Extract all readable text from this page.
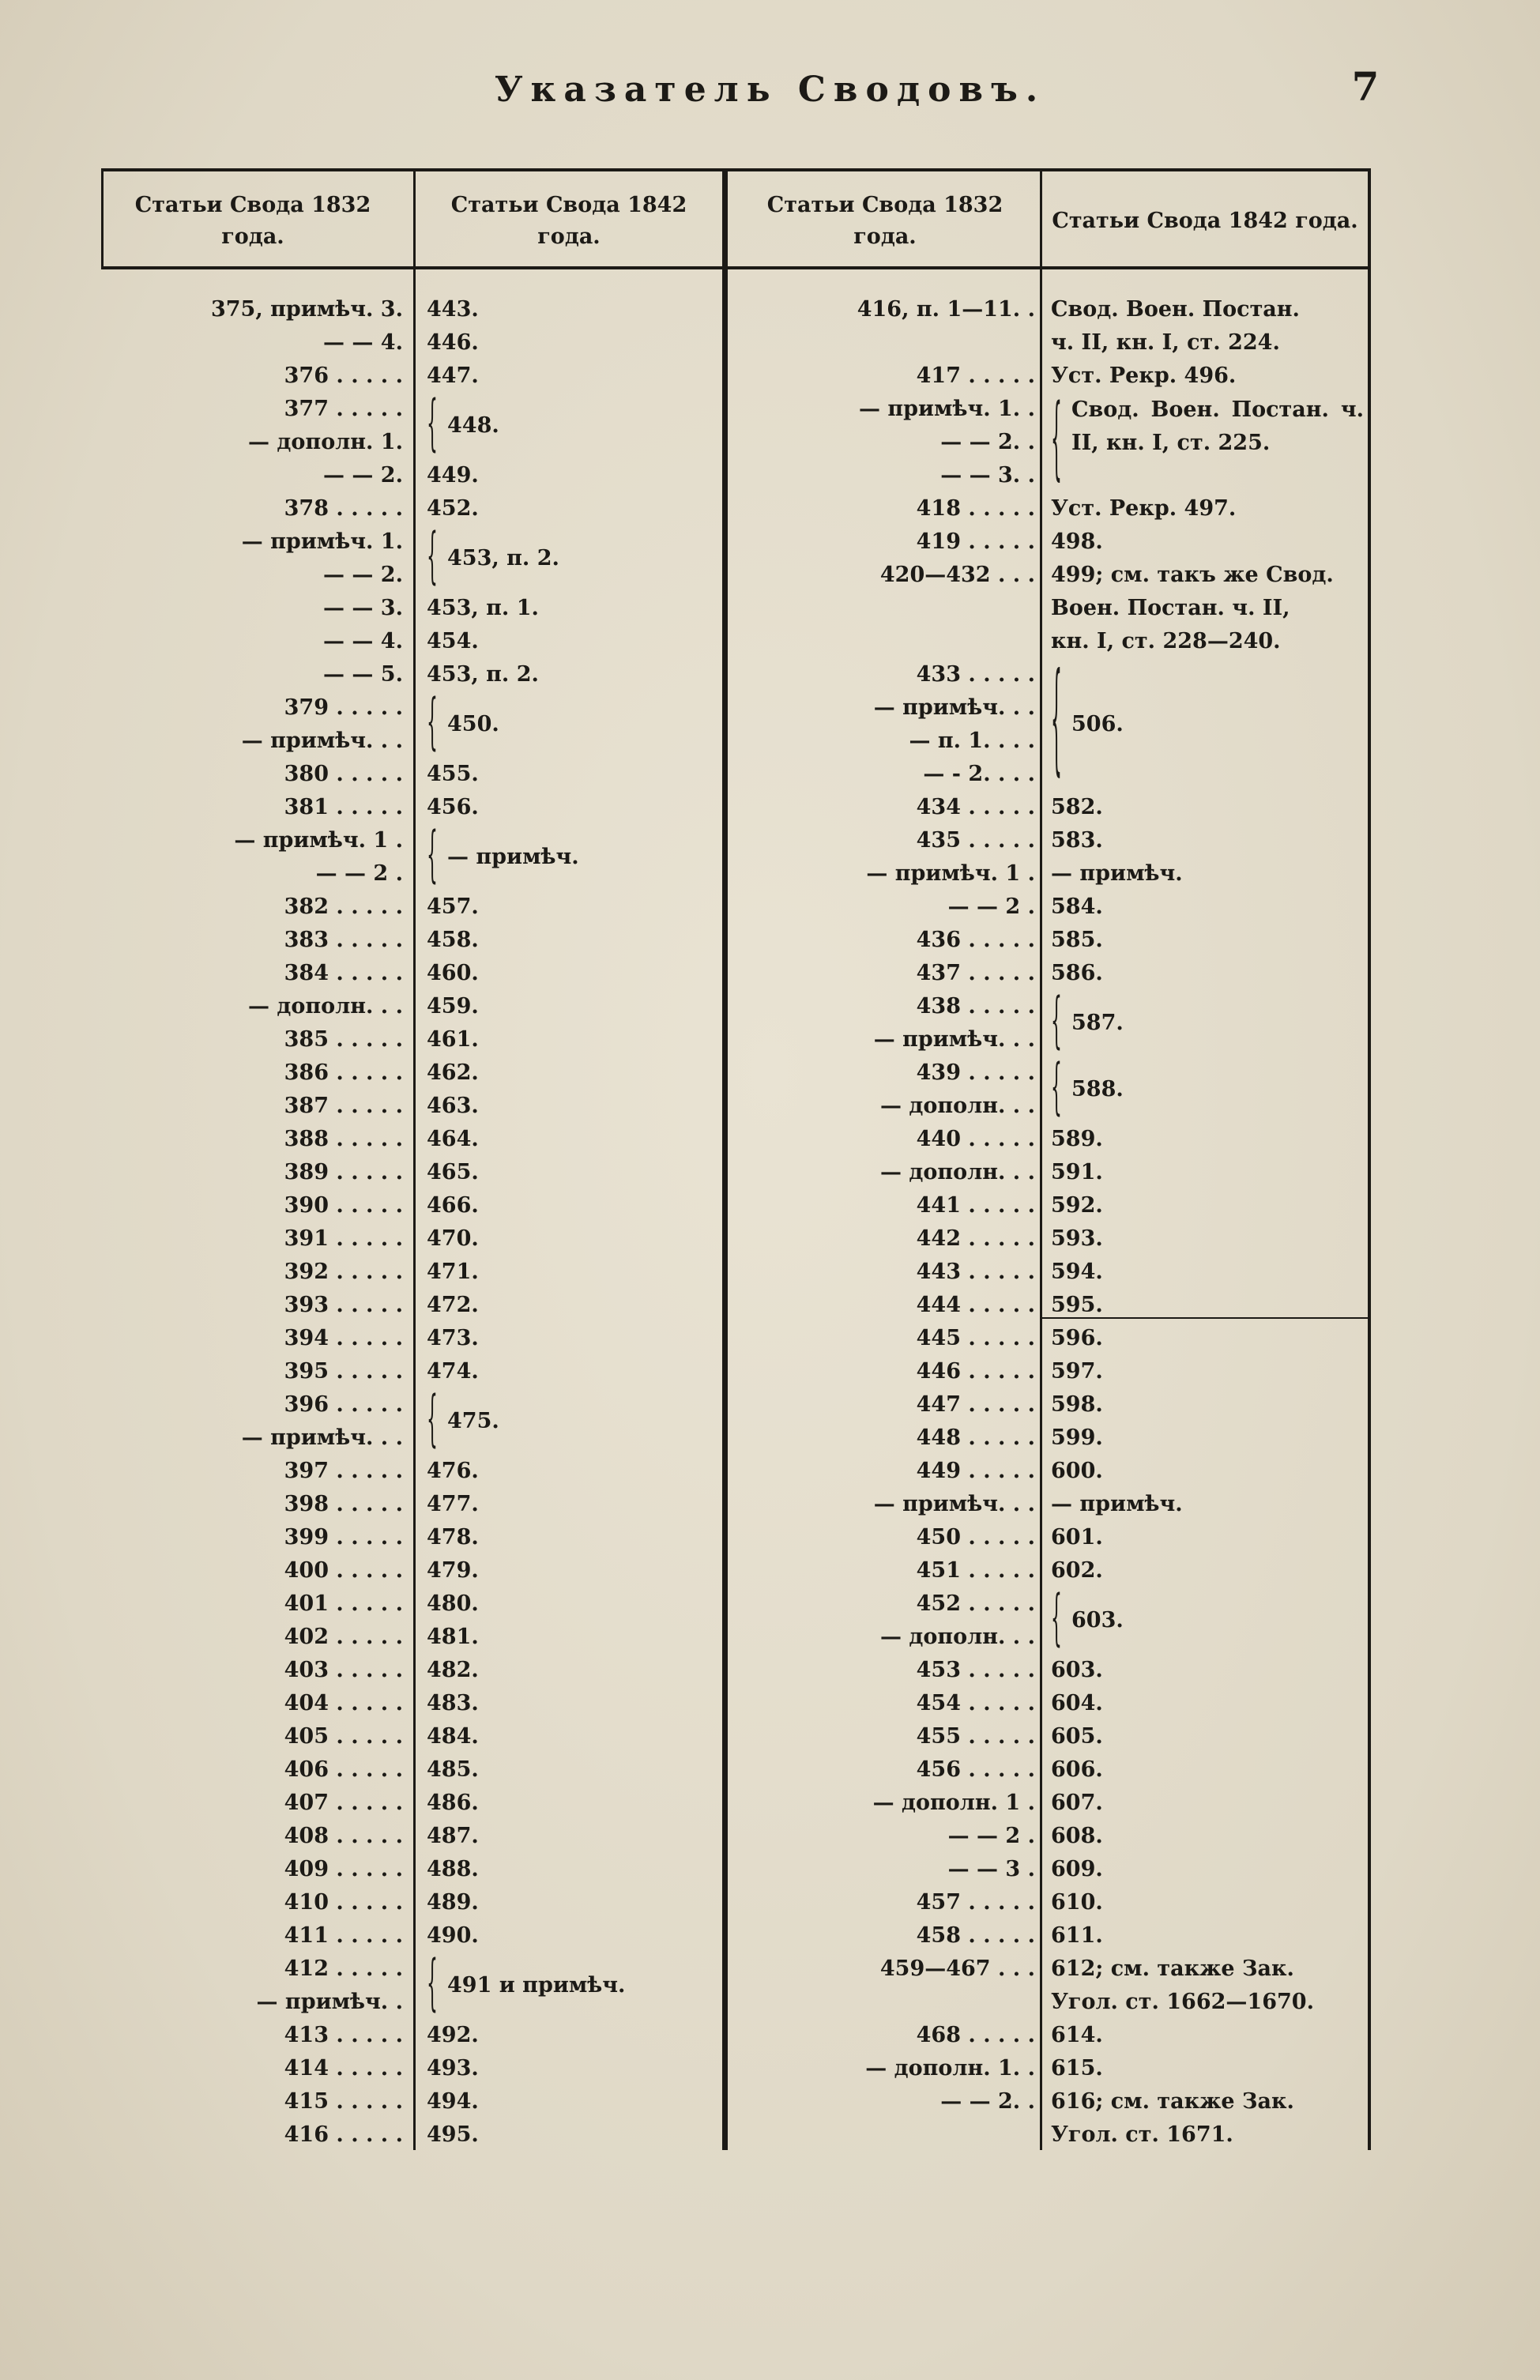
Указатель Сводовъ.	7
Статьи Свода 1832 года.
Статьи Свода 1842 года.
Статьи Свода 1832 года.
Статьи Свода 1842 года.
375, примѣч. 3.
— — 4.
376 . . . . .
377 . . . . .
— дополн. 1.
— — 2.
378 . . . . .
— примѣч. 1.
— — 2.
— — 3.
— — 4.
— — 5.
379 . . . . .
— примѣч. . .
380 . . . . .
381 . . . . .
— примѣч. 1 .
— — 2 .
382 . . . . .
383 . . . . .
384 . . . . .
— дополн. . .
385 . . . . .
386 . . . . .
387 . . . . .
388 . . . . .
389 . . . . .
390 . . . . .
391 . . . . .
392 . . . . .
393 . . . . .
394 . . . . .
395 . . . . .
396 . . . . .
— примѣч. . .
397 . . . . .
398 . . . . .
399 . . . . .
400 . . . . .
401 . . . . .
402 . . . . .
403 . . . . .
404 . . . . .
405 . . . . .
406 . . . . .
407 . . . . .
408 . . . . .
409 . . . . .
410 . . . . .
411 . . . . .
412 . . . . .
— примѣч. .
413 . . . . .
414 . . . . .
415 . . . . .
416 . . . . .
443.
446.
447.
449.
452.
453, п. 1.
454.
453, п. 2.
455.
456.
457.
458.
460.
459.
461.
462.
463.
464.
465.
466.
470.
471.
472.
473.
474.
476.
477.
478.
479.
480.
481.
482.
483.
484.
485.
486.
487.
488.
489.
490.
492.
493.
494.
495.
{ 448.
{ 453, п. 2.
{ 450.
{ — примѣч.
{ 475.
{ 491 и примѣч.
416, п. 1—11. .
417 . . . . .
— примѣч. 1. .
— — 2. .
— — 3. .
418 . . . . .
419 . . . . .
420—432 . . .
433 . . . . .
— примѣч. . .
— п. 1. . . .
— - 2. . . .
434 . . . . .
435 . . . . .
— примѣч. 1 .
— — 2 .
436 . . . . .
437 . . . . .
438 . . . . .
— примѣч. . .
439 . . . . .
— дополн. . .
440 . . . . .
— дополн. . .
441 . . . . .
442 . . . . .
443 . . . . .
444 . . . . .
445 . . . . .
446 . . . . .
447 . . . . .
448 . . . . .
449 . . . . .
— примѣч. . .
450 . . . . .
451 . . . . .
452 . . . . .
— дополн. . .
453 . . . . .
454 . . . . .
455 . . . . .
456 . . . . .
— дополн. 1 .
— — 2 .
— — 3 .
457 . . . . .
458 . . . . .
459—467 . . .
468 . . . . .
— дополн. 1. .
— — 2. .
Свод. Воен. Постан.
ч. II, кн. I, ст. 224.
Уст. Рекр. 496.
Уст. Рекр. 497.
498.
499; см. такъ же Свод.
Воен. Постан. ч. II,
кн. I, ст. 228—240.
582.
583.
— примѣч.
584.
585.
586.
589.
591.
592.
593.
594.
595.
596.
597.
598.
599.
600.
— примѣч.
601.
602.
603.
604.
605.
606.
607.
608.
609.
610.
611.
612; см. также Зак.
Угол. ст. 1662—1670.
614.
615.
616; см. также Зак.
Угол. ст. 1671.
{ Свод. Воен. Постан. ч. II, кн. I, ст. 225.
{ 506.
{ 587.
{ 588.
{ 603.
